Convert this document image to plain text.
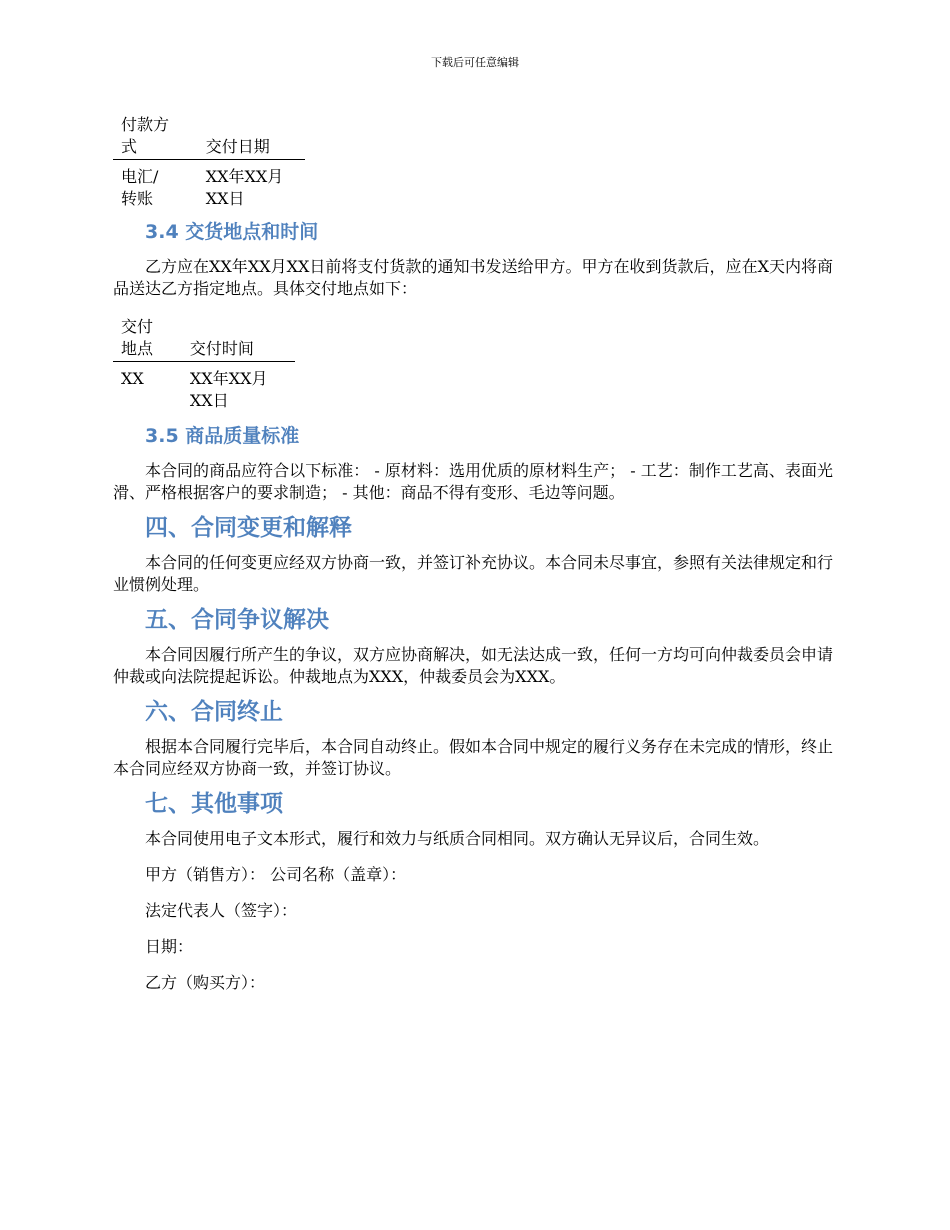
下载后可任意编辑
付款方式	交付日期
电汇/转账	XX年XX月XX日
3.4 交货地点和时间

乙方应在XX年XX月XX日前将支付货款的通知书发送给甲方。甲方在收到货款后，应在X天内将商品送达乙方指定地点。具体交付地点如下：

交付地点	交付时间
XX	XX年XX月XX日
3.5 商品质量标准

本合同的商品应符合以下标准： - 原材料：选用优质的原材料生产； - 工艺：制作工艺高、表面光滑、严格根据客户的要求制造； - 其他：商品不得有变形、毛边等问题。

四、合同变更和解释

本合同的任何变更应经双方协商一致，并签订补充协议。本合同未尽事宜，参照有关法律规定和行业惯例处理。

五、合同争议解决

本合同因履行所产生的争议，双方应协商解决，如无法达成一致，任何一方均可向仲裁委员会申请仲裁或向法院提起诉讼。仲裁地点为XXX，仲裁委员会为XXX。

六、合同终止

根据本合同履行完毕后，本合同自动终止。假如本合同中规定的履行义务存在未完成的情形，终止本合同应经双方协商一致，并签订协议。

七、其他事项

本合同使用电子文本形式，履行和效力与纸质合同相同。双方确认无异议后，合同生效。

甲方（销售方）： 公司名称（盖章）：

法定代表人（签字）：

日期：

乙方（购买方）：
